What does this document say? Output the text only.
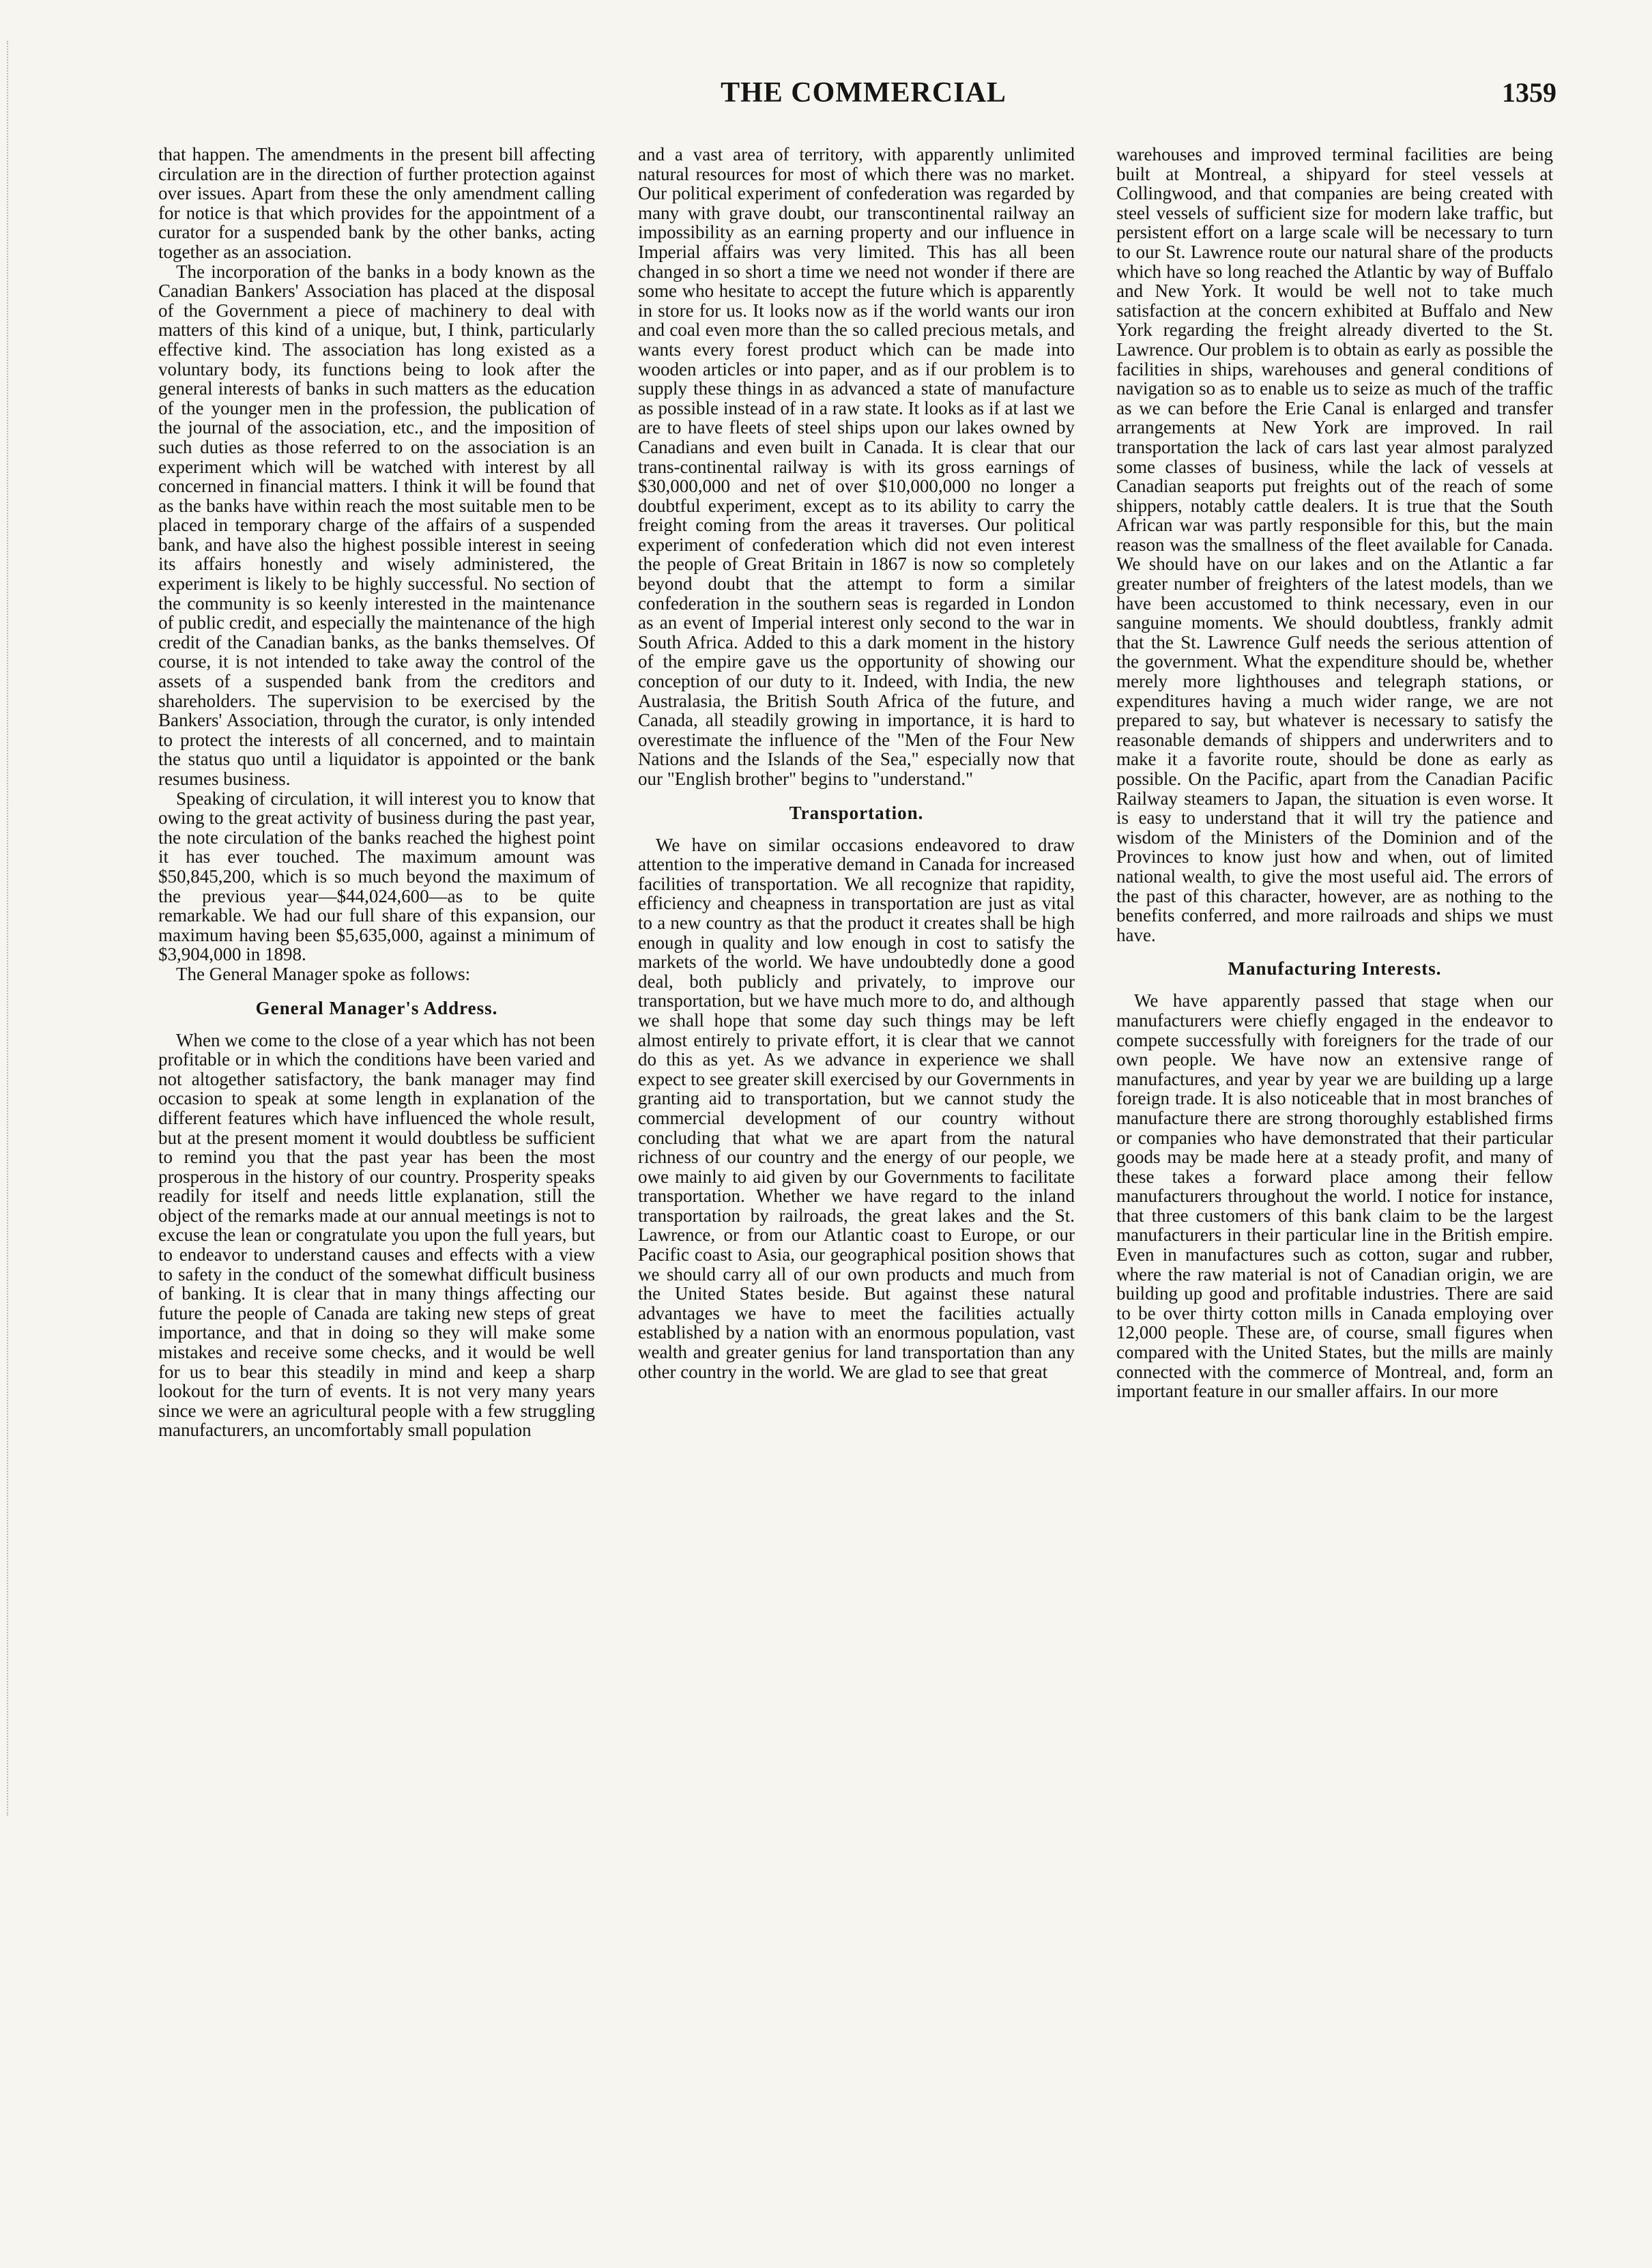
THE COMMERCIAL	1359

that happen. The amendments in the present bill affecting circulation are in the direction of further protection against over issues. Apart from these the only amendment calling for notice is that which provides for the appointment of a curator for a suspended bank by the other banks, acting together as an association.

The incorporation of the banks in a body known as the Canadian Bankers' Association has placed at the disposal of the Government a piece of machinery to deal with matters of this kind of a unique, but, I think, particularly effective kind. The association has long existed as a voluntary body, its functions being to look after the general interests of banks in such matters as the education of the younger men in the profession, the publication of the journal of the association, etc., and the imposition of such duties as those referred to on the association is an experiment which will be watched with interest by all concerned in financial matters. I think it will be found that as the banks have within reach the most suitable men to be placed in temporary charge of the affairs of a suspended bank, and have also the highest possible interest in seeing its affairs honestly and wisely administered, the experiment is likely to be highly successful. No section of the community is so keenly interested in the maintenance of public credit, and especially the maintenance of the high credit of the Canadian banks, as the banks themselves. Of course, it is not intended to take away the control of the assets of a suspended bank from the creditors and shareholders. The supervision to be exercised by the Bankers' Association, through the curator, is only intended to protect the interests of all concerned, and to maintain the status quo until a liquidator is appointed or the bank resumes business.

Speaking of circulation, it will interest you to know that owing to the great activity of business during the past year, the note circulation of the banks reached the highest point it has ever touched. The maximum amount was $50,845,200, which is so much beyond the maximum of the previous year—$44,024,600—as to be quite remarkable. We had our full share of this expansion, our maximum having been $5,635,000, against a minimum of $3,904,000 in 1898.

The General Manager spoke as follows:

General Manager's Address.

When we come to the close of a year which has not been profitable or in which the conditions have been varied and not altogether satisfactory, the bank manager may find occasion to speak at some length in explanation of the different features which have influenced the whole result, but at the present moment it would doubtless be sufficient to remind you that the past year has been the most prosperous in the history of our country. Prosperity speaks readily for itself and needs little explanation, still the object of the remarks made at our annual meetings is not to excuse the lean or congratulate you upon the full years, but to endeavor to understand causes and effects with a view to safety in the conduct of the somewhat difficult business of banking. It is clear that in many things affecting our future the people of Canada are taking new steps of great importance, and that in doing so they will make some mistakes and receive some checks, and it would be well for us to bear this steadily in mind and keep a sharp lookout for the turn of events. It is not very many years since we were an agricultural people with a few struggling manufacturers, an uncomfortably small population

and a vast area of territory, with apparently unlimited natural resources for most of which there was no market. Our political experiment of confederation was regarded by many with grave doubt, our transcontinental railway an impossibility as an earning property and our influence in Imperial affairs was very limited. This has all been changed in so short a time we need not wonder if there are some who hesitate to accept the future which is apparently in store for us. It looks now as if the world wants our iron and coal even more than the so called precious metals, and wants every forest product which can be made into wooden articles or into paper, and as if our problem is to supply these things in as advanced a state of manufacture as possible instead of in a raw state. It looks as if at last we are to have fleets of steel ships upon our lakes owned by Canadians and even built in Canada. It is clear that our trans-continental railway is with its gross earnings of $30,000,000 and net of over $10,000,000 no longer a doubtful experiment, except as to its ability to carry the freight coming from the areas it traverses. Our political experiment of confederation which did not even interest the people of Great Britain in 1867 is now so completely beyond doubt that the attempt to form a similar confederation in the southern seas is regarded in London as an event of Imperial interest only second to the war in South Africa. Added to this a dark moment in the history of the empire gave us the opportunity of showing our conception of our duty to it. Indeed, with India, the new Australasia, the British South Africa of the future, and Canada, all steadily growing in importance, it is hard to overestimate the influence of the "Men of the Four New Nations and the Islands of the Sea," especially now that our "English brother" begins to "understand."

Transportation.

We have on similar occasions endeavored to draw attention to the imperative demand in Canada for increased facilities of transportation. We all recognize that rapidity, efficiency and cheapness in transportation are just as vital to a new country as that the product it creates shall be high enough in quality and low enough in cost to satisfy the markets of the world. We have undoubtedly done a good deal, both publicly and privately, to improve our transportation, but we have much more to do, and although we shall hope that some day such things may be left almost entirely to private effort, it is clear that we cannot do this as yet. As we advance in experience we shall expect to see greater skill exercised by our Governments in granting aid to transportation, but we cannot study the commercial development of our country without concluding that what we are apart from the natural richness of our country and the energy of our people, we owe mainly to aid given by our Governments to facilitate transportation. Whether we have regard to the inland transportation by railroads, the great lakes and the St. Lawrence, or from our Atlantic coast to Europe, or our Pacific coast to Asia, our geographical position shows that we should carry all of our own products and much from the United States beside. But against these natural advantages we have to meet the facilities actually established by a nation with an enormous population, vast wealth and greater genius for land transportation than any other country in the world. We are glad to see that great

warehouses and improved terminal facilities are being built at Montreal, a shipyard for steel vessels at Collingwood, and that companies are being created with steel vessels of sufficient size for modern lake traffic, but persistent effort on a large scale will be necessary to turn to our St. Lawrence route our natural share of the products which have so long reached the Atlantic by way of Buffalo and New York. It would be well not to take much satisfaction at the concern exhibited at Buffalo and New York regarding the freight already diverted to the St. Lawrence. Our problem is to obtain as early as possible the facilities in ships, warehouses and general conditions of navigation so as to enable us to seize as much of the traffic as we can before the Erie Canal is enlarged and transfer arrangements at New York are improved. In rail transportation the lack of cars last year almost paralyzed some classes of business, while the lack of vessels at Canadian seaports put freights out of the reach of some shippers, notably cattle dealers. It is true that the South African war was partly responsible for this, but the main reason was the smallness of the fleet available for Canada. We should have on our lakes and on the Atlantic a far greater number of freighters of the latest models, than we have been accustomed to think necessary, even in our sanguine moments. We should doubtless, frankly admit that the St. Lawrence Gulf needs the serious attention of the government. What the expenditure should be, whether merely more lighthouses and telegraph stations, or expenditures having a much wider range, we are not prepared to say, but whatever is necessary to satisfy the reasonable demands of shippers and underwriters and to make it a favorite route, should be done as early as possible. On the Pacific, apart from the Canadian Pacific Railway steamers to Japan, the situation is even worse. It is easy to understand that it will try the patience and wisdom of the Ministers of the Dominion and of the Provinces to know just how and when, out of limited national wealth, to give the most useful aid. The errors of the past of this character, however, are as nothing to the benefits conferred, and more railroads and ships we must have.

Manufacturing Interests.

We have apparently passed that stage when our manufacturers were chiefly engaged in the endeavor to compete successfully with foreigners for the trade of our own people. We have now an extensive range of manufactures, and year by year we are building up a large foreign trade. It is also noticeable that in most branches of manufacture there are strong thoroughly established firms or companies who have demonstrated that their particular goods may be made here at a steady profit, and many of these takes a forward place among their fellow manufacturers throughout the world. I notice for instance, that three customers of this bank claim to be the largest manufacturers in their particular line in the British empire. Even in manufactures such as cotton, sugar and rubber, where the raw material is not of Canadian origin, we are building up good and profitable industries. There are said to be over thirty cotton mills in Canada employing over 12,000 people. These are, of course, small figures when compared with the United States, but the mills are mainly connected with the commerce of Montreal, and, form an important feature in our smaller affairs. In our more
